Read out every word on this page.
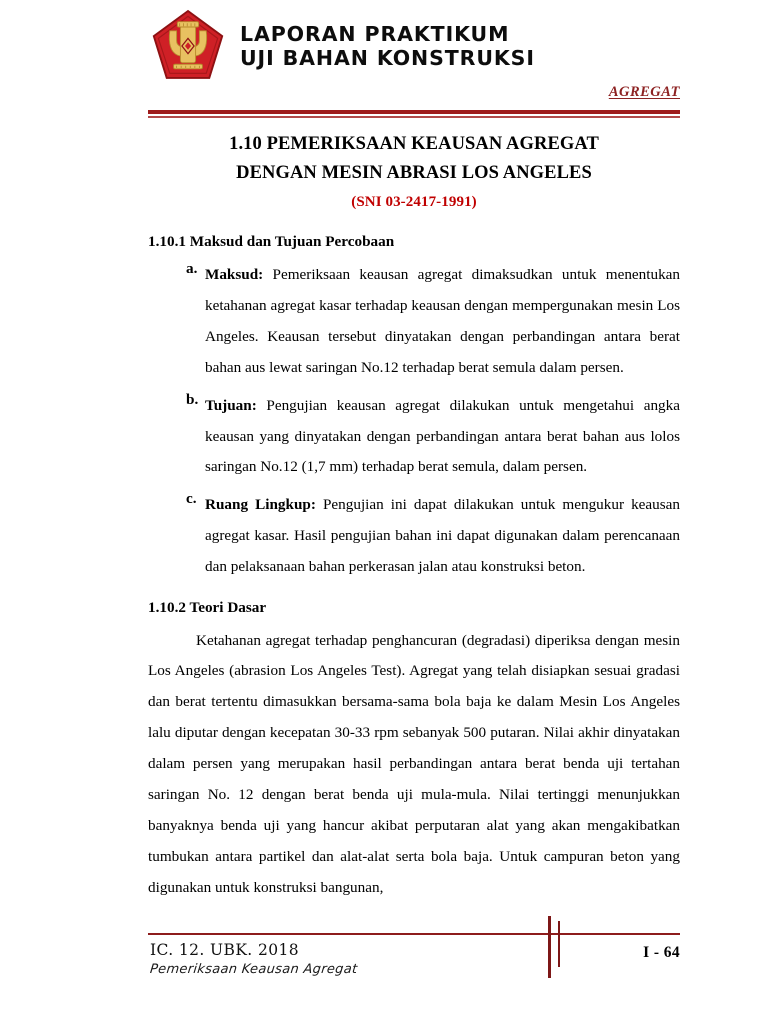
LAPORAN PRAKTIKUM
UJI BAHAN KONSTRUKSI
AGREGAT
1.10 PEMERIKSAAN KEAUSAN AGREGAT
DENGAN MESIN ABRASI LOS ANGELES
(SNI 03-2417-1991)
1.10.1 Maksud dan Tujuan Percobaan
a. Maksud: Pemeriksaan keausan agregat dimaksudkan untuk menentukan ketahanan agregat kasar terhadap keausan dengan mempergunakan mesin Los Angeles. Keausan tersebut dinyatakan dengan perbandingan antara berat bahan aus lewat saringan No.12 terhadap berat semula dalam persen.

b. Tujuan: Pengujian keausan agregat dilakukan untuk mengetahui angka keausan yang dinyatakan dengan perbandingan antara berat bahan aus lolos saringan No.12 (1,7 mm) terhadap berat semula, dalam persen.

c. Ruang Lingkup: Pengujian ini dapat dilakukan untuk mengukur keausan agregat kasar. Hasil pengujian bahan ini dapat digunakan dalam perencanaan dan pelaksanaan bahan perkerasan jalan atau konstruksi beton.

1.10.2 Teori Dasar

Ketahanan agregat terhadap penghancuran (degradasi) diperiksa dengan mesin Los Angeles (abrasion Los Angeles Test). Agregat yang telah disiapkan sesuai gradasi dan berat tertentu dimasukkan bersama-sama bola baja ke dalam Mesin Los Angeles lalu diputar dengan kecepatan 30-33 rpm sebanyak 500 putaran. Nilai akhir dinyatakan dalam persen yang merupakan hasil perbandingan antara berat benda uji tertahan saringan No. 12 dengan berat benda uji mula-mula. Nilai tertinggi menunjukkan banyaknya benda uji yang hancur akibat perputaran alat yang akan mengakibatkan tumbukan antara partikel dan alat-alat serta bola baja. Untuk campuran beton yang digunakan untuk konstruksi bangunan,

IC. 12. UBK. 2018
Pemeriksaan Keausan Agregat
I - 64
